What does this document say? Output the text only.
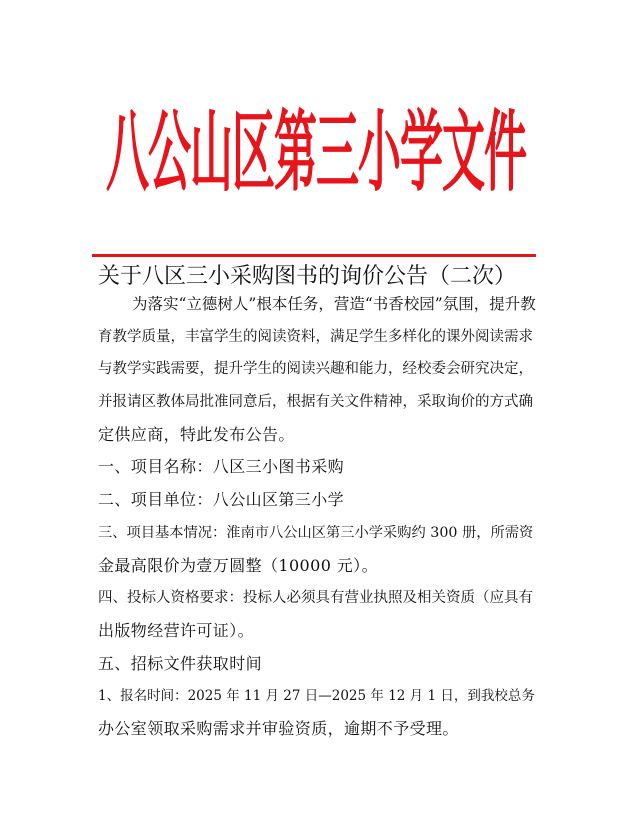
八公山区第三小学文件
关于八区三小采购图书的询价公告（二次）
为落实“立德树人”根本任务，营造“书香校园”氛围，提升教
育教学质量，丰富学生的阅读资料，满足学生多样化的课外阅读需求
与教学实践需要，提升学生的阅读兴趣和能力，经校委会研究决定，
并报请区教体局批准同意后，根据有关文件精神，采取询价的方式确
定供应商，特此发布公告。
一、项目名称：八区三小图书采购
二、项目单位：八公山区第三小学
三、项目基本情况：淮南市八公山区第三小学采购约 300 册，所需资
金最高限价为壹万圆整（10000 元）。
四、投标人资格要求：投标人必须具有营业执照及相关资质（应具有
出版物经营许可证）。
五、招标文件获取时间
1、报名时间：2025 年 11 月 27 日—2025 年 12 月 1 日，到我校总务
办公室领取采购需求并审验资质，逾期不予受理。
